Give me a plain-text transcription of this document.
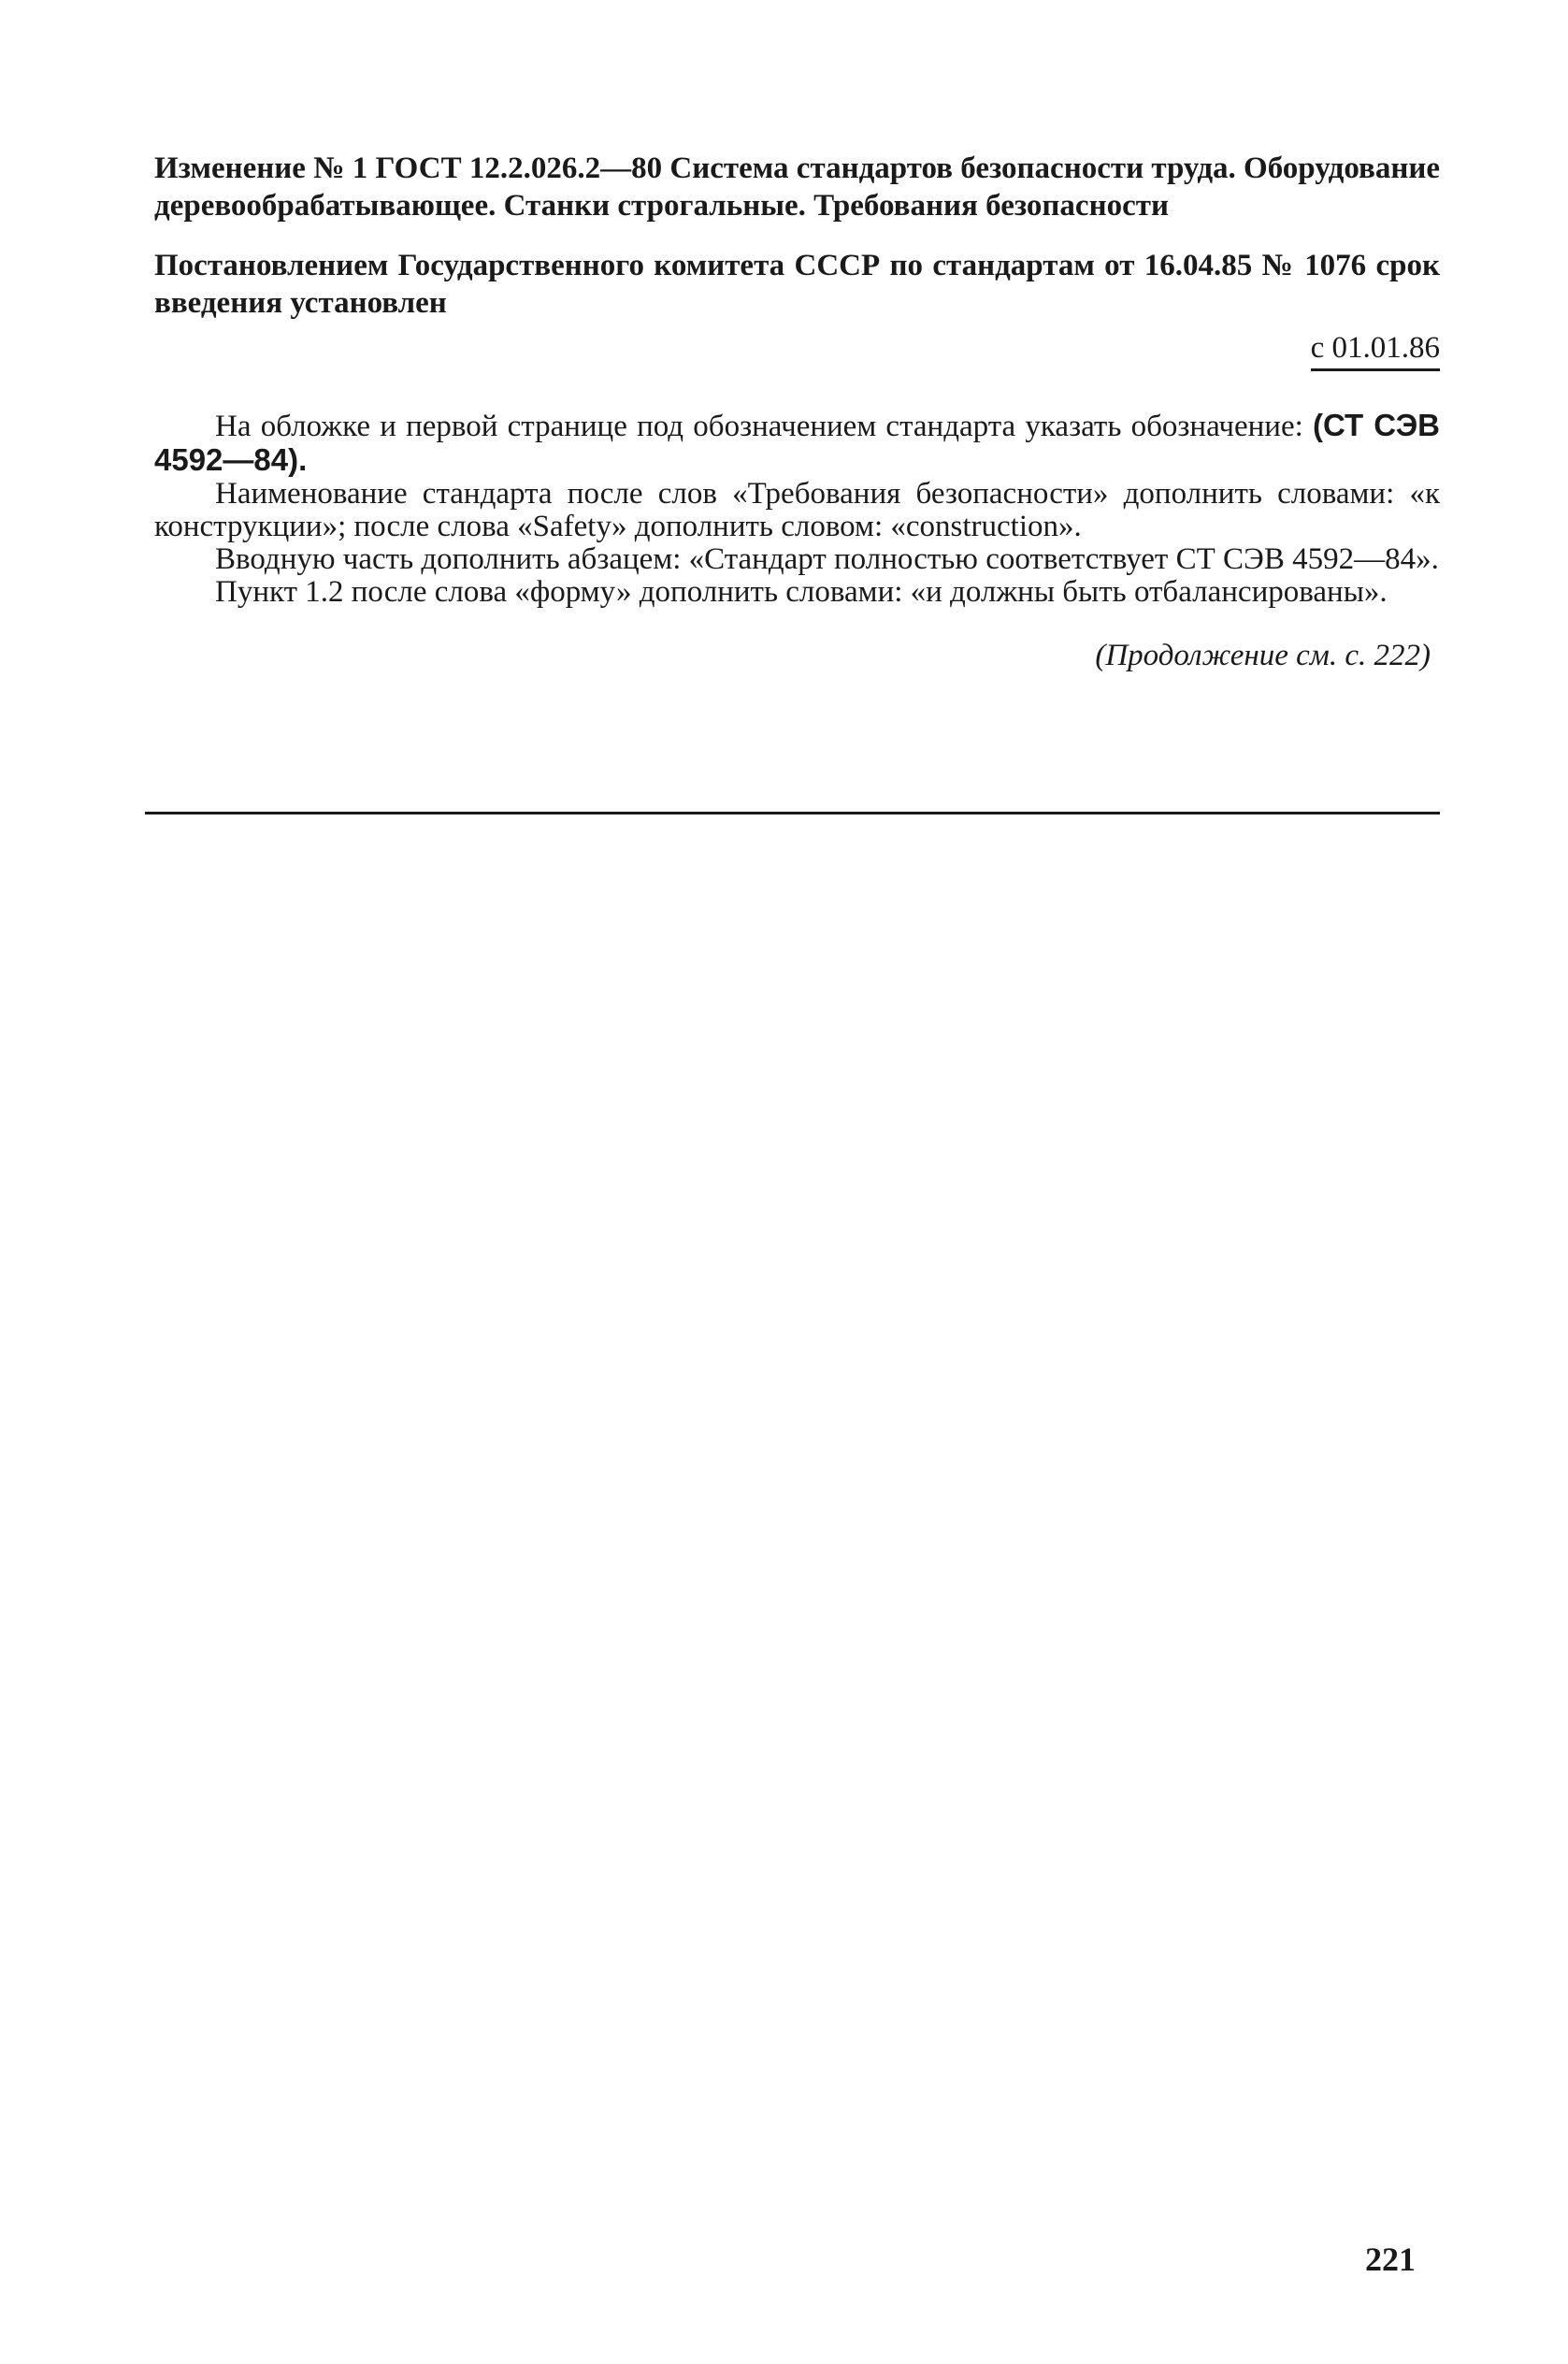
Изменение № 1 ГОСТ 12.2.026.2—80 Система стандартов безопасности труда. Оборудование деревообрабатывающее. Станки строгальные. Требования безопасности

Постановлением Государственного комитета СССР по стандартам от 16.04.85 № 1076 срок введения установлен

с 01.01.86

На обложке и первой странице под обозначением стандарта указать обозначение: (СТ СЭВ 4592—84).

Наименование стандарта после слов «Требования безопасности» дополнить словами: «к конструкции»; после слова «Safety» дополнить словом: «construction».

Вводную часть дополнить абзацем: «Стандарт полностью соответствует СТ СЭВ 4592—84».

Пункт 1.2 после слова «форму» дополнить словами: «и должны быть отбалансированы».

(Продолжение см. с. 222)

221
